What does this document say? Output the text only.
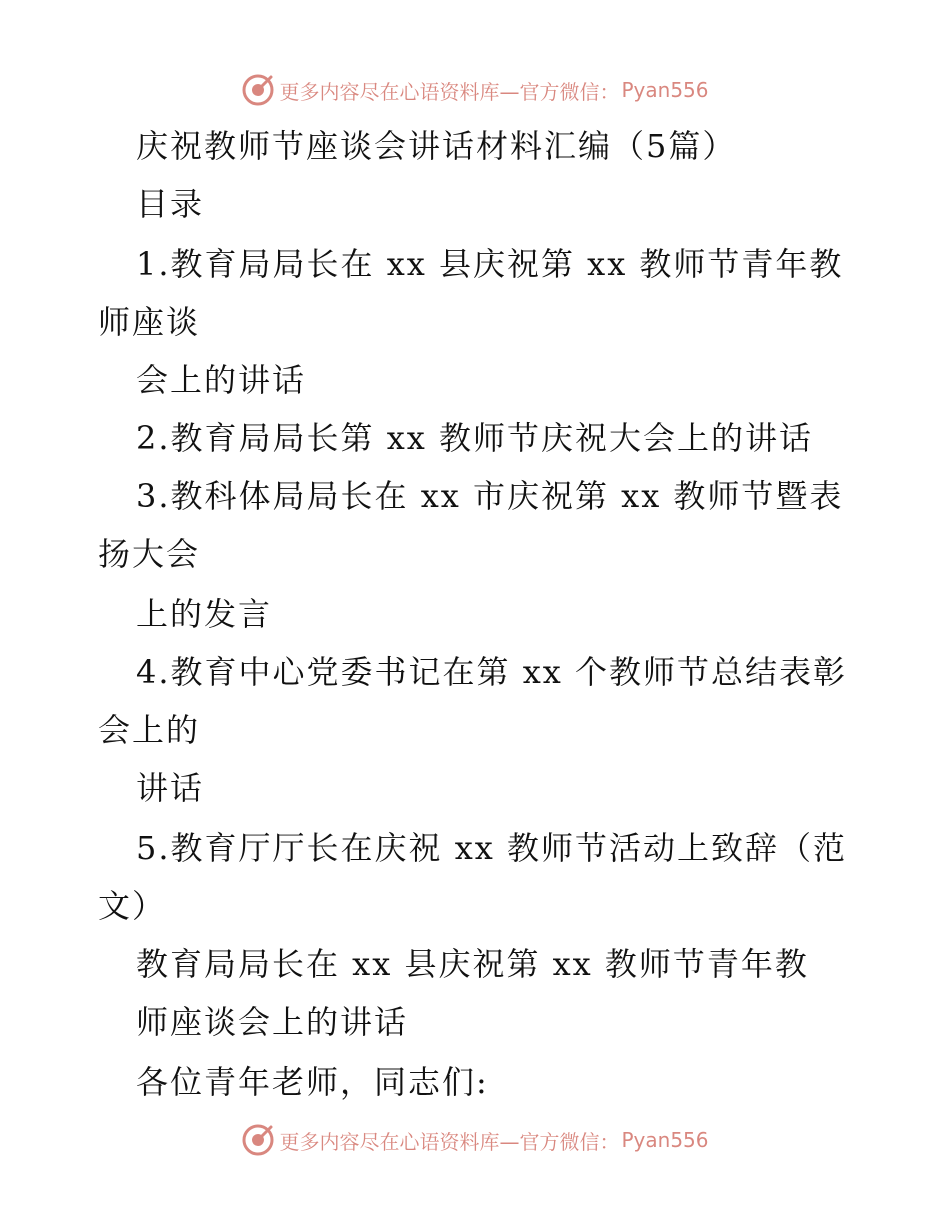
更多内容尽在心语资料库—官方微信： Pyan556
庆祝教师节座谈会讲话材料汇编（5篇）
目录
1.教育局局长在 xx 县庆祝第 xx 教师节青年教
师座谈
会上的讲话
2.教育局局长第 xx 教师节庆祝大会上的讲话
3.教科体局局长在 xx 市庆祝第 xx 教师节暨表
扬大会
上的发言
4.教育中心党委书记在第 xx 个教师节总结表彰
会上的
讲话
5.教育厅厅长在庆祝 xx 教师节活动上致辞（范
文）
教育局局长在 xx 县庆祝第 xx 教师节青年教
师座谈会上的讲话
各位青年老师，同志们:
更多内容尽在心语资料库—官方微信： Pyan556
